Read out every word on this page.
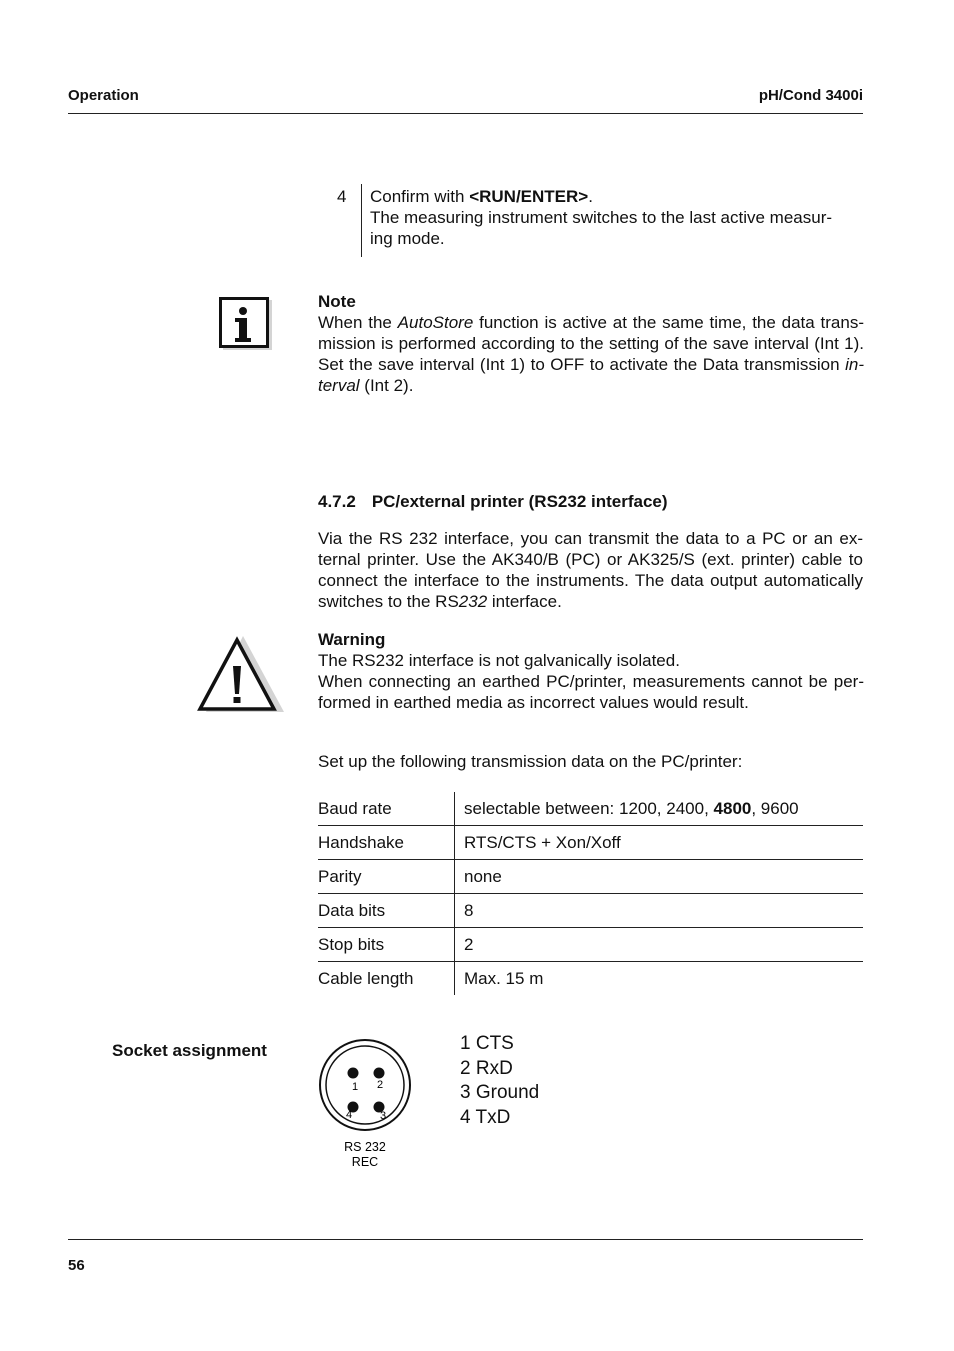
Operation	pH/Cond 3400i
4 Confirm with <RUN/ENTER>.
The measuring instrument switches to the last active measur-
ing mode.
Note
When the AutoStore function is active at the same time, the data trans-mission is performed according to the setting of the save interval (Int 1). Set the save interval (Int 1) to OFF to activate the Data transmission in-terval (Int 2).
4.7.2 PC/external printer (RS232 interface)
Via the RS 232 interface, you can transmit the data to a PC or an ex-ternal printer. Use the AK340/B (PC) or AK325/S (ext. printer) cable to connect the interface to the instruments. The data output automatically switches to the RS232 interface.
Warning
The RS232 interface is not galvanically isolated.
When connecting an earthed PC/printer, measurements cannot be per-formed in earthed media as incorrect values would result.
Set up the following transmission data on the PC/printer:
Baud rate	selectable between: 1200, 2400, 4800, 9600
Handshake	RTS/CTS + Xon/Xoff
Parity	none
Data bits	8
Stop bits	2
Cable length	Max. 15 m
Socket assignment
1 2
4	3
RS 232
REC
1 CTS
2 RxD
3 Ground
4 TxD
56
